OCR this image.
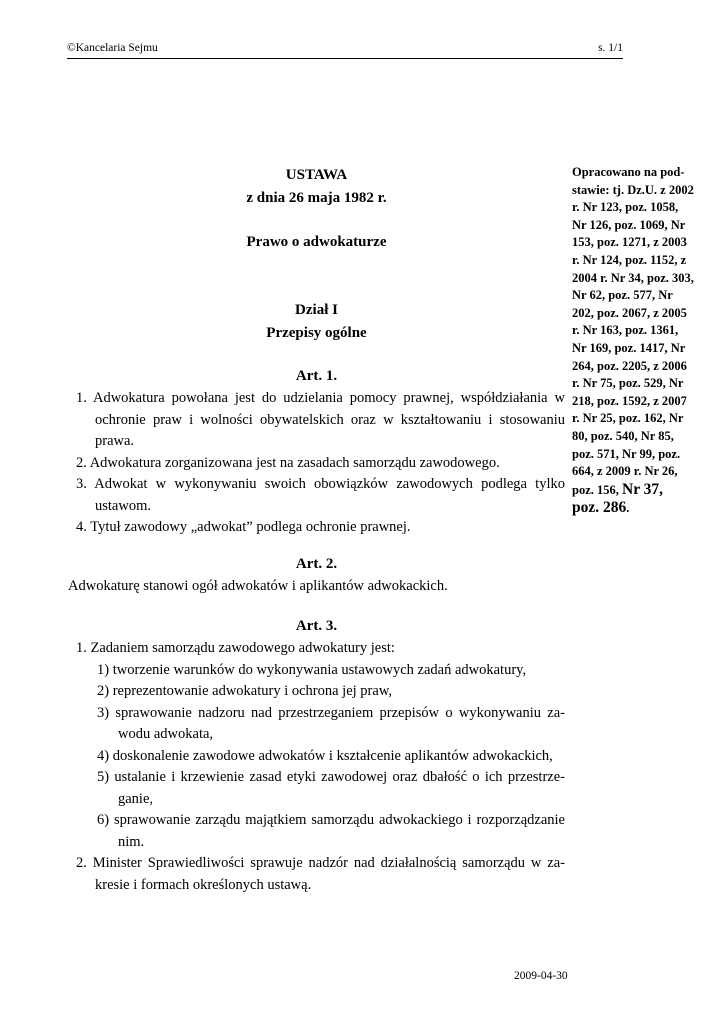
©Kancelaria Sejmu	s. 1/1
USTAWA
z dnia 26 maja 1982 r.
Prawo o adwokaturze
Dział I
Przepisy ogólne
Art. 1.

1. Adwokatura powołana jest do udzielania pomocy prawnej, współdziałania w ochronie praw i wolności obywatelskich oraz w kształtowaniu i stosowaniu prawa.

2. Adwokatura zorganizowana jest na zasadach samorządu zawodowego.

3. Adwokat w wykonywaniu swoich obowiązków zawodowych podlega tylko ustawom.

4. Tytuł zawodowy „adwokat” podlega ochronie prawnej.

Art. 2.

Adwokaturę stanowi ogół adwokatów i aplikantów adwokackich.

Art. 3.

1. Zadaniem samorządu zawodowego adwokatury jest:

1) tworzenie warunków do wykonywania ustawowych zadań adwokatury,

2) reprezentowanie adwokatury i ochrona jej praw,

3) sprawowanie nadzoru nad przestrzeganiem przepisów o wykonywaniu zawodu adwokata,

4) doskonalenie zawodowe adwokatów i kształcenie aplikantów adwokackich,

5) ustalanie i krzewienie zasad etyki zawodowej oraz dbałość o ich przestrzeganie,

6) sprawowanie zarządu majątkiem samorządu adwokackiego i rozporządzanie nim.

2. Minister Sprawiedliwości sprawuje nadzór nad działalnością samorządu w zakresie i formach określonych ustawą.

Opracowano na podstawie: tj. Dz.U. z 2002 r. Nr 123, poz. 1058, Nr 126, poz. 1069, Nr 153, poz. 1271, z 2003 r. Nr 124, poz. 1152, z 2004 r. Nr 34, poz. 303, Nr 62, poz. 577, Nr 202, poz. 2067, z 2005 r. Nr 163, poz. 1361, Nr 169, poz. 1417, Nr 264, poz. 2205, z 2006 r. Nr 75, poz. 529, Nr 218, poz. 1592, z 2007 r. Nr 25, poz. 162, Nr 80, poz. 540, Nr 85, poz. 571, Nr 99, poz. 664, z 2009 r. Nr 26, poz. 156, Nr 37, poz. 286.
2009-04-30
